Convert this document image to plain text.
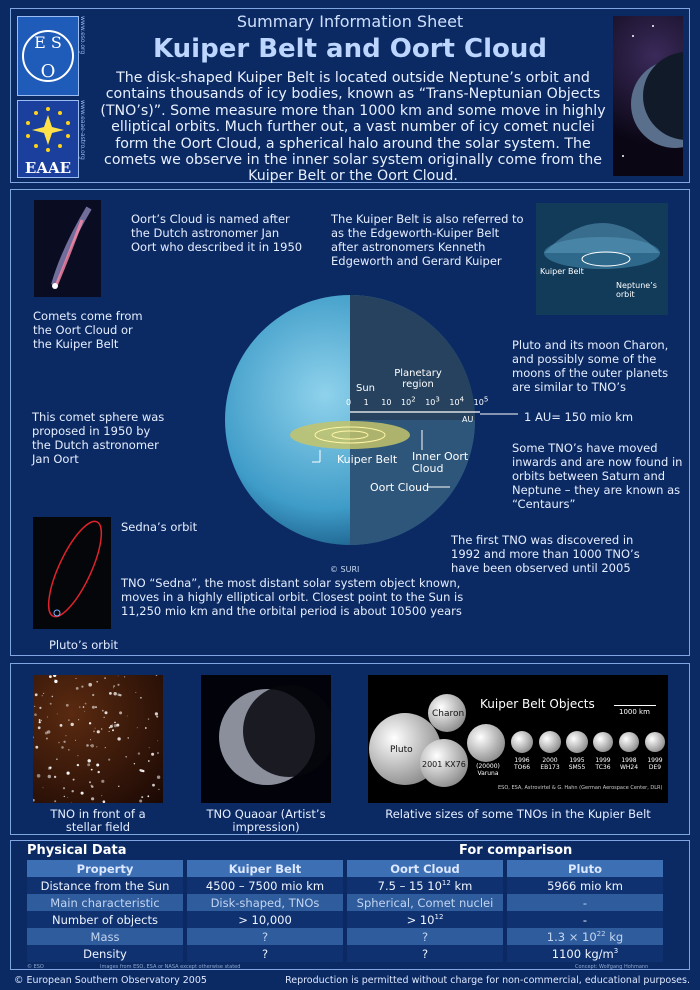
E S
O
www.eso.org
EAAE
www.eaae-astro.org
Summary Information Sheet
Kuiper Belt and Oort Cloud
The disk-shaped Kuiper Belt is located outside Neptune’s orbit and contains thousands of icy bodies, known as “Trans-Neptunian Objects (TNO’s)”. Some measure more than 1000 km and some move in highly elliptical orbits. Much further out, a vast number of icy comet nuclei form the Oort Cloud, a spherical halo around the solar system. The comets we observe in the inner solar system originally come from the Kuiper Belt or the Oort Cloud.
Oort’s Cloud is named after the Dutch astronomer Jan Oort who described it in 1950
The Kuiper Belt is also referred to as the Edgeworth-Kuiper Belt after astronomers Kenneth Edgeworth and Gerard Kuiper
Comets come from the Oort Cloud or the Kuiper Belt
Kuiper Belt
Neptune’s orbit
Pluto and its moon Charon, and possibly some of the moons of the outer planets are similar to TNO’s
1 AU= 150 mio km
This comet sphere was proposed in 1950 by the Dutch astronomer Jan Oort
Some TNO’s have moved inwards and are now found in orbits between Saturn and Neptune – they are known as “Centaurs”
The first TNO was discovered in 1992 and more than 1000 TNO’s have been observed until 2005
Sun
Planetary region
0 1 10 $10^2$ $10^3$ $10^4$ $10^5$
AU
Kuiper Belt Inner Oort Cloud
Oort Cloud
© SURI
Sedna’s orbit
Pluto’s orbit
TNO “Sedna”, the most distant solar system object known, moves in a highly elliptical orbit. Closest point to the Sun is 11,250 mio km and the orbital period is about 10500 years
TNO in front of a stellar field
TNO Quaoar (Artist’s impression)
Kuiper Belt Objects
1000 km
Pluto
Charon
2001 KX76	(20000) Varuna
1996 TO66
2000 EB173
1995 SM55
1999 TC36
1998 WH24
1999 DE9
ESO, ESA, Astrovirtel & G. Hahn (German Aerospace Center, DLR)
Relative sizes of some TNOs in the Kupier Belt
Physical Data	For comparison
Property		Kuiper Belt		Oort Cloud		Pluto
Distance from the Sun		4500 – 7500 mio km		7.5 – 15 $10^{12}$ km		5966 mio km
Main characteristic		Disk-shaped, TNOs		Spherical, Comet nuclei		-
Number of objects		> 10,000		> $10^{12}$		-
Mass		?		?		$1.3 \times 10^{22}$ kg
Density		?		?		1100 $kg/m^3$
© ESO	Images from ESO, ESA or NASA except otherwise stated	Concept: Wolfgang Hohmann
© European Southern Observatory 2005	Reproduction is permitted without charge for non-commercial, educational purposes.
